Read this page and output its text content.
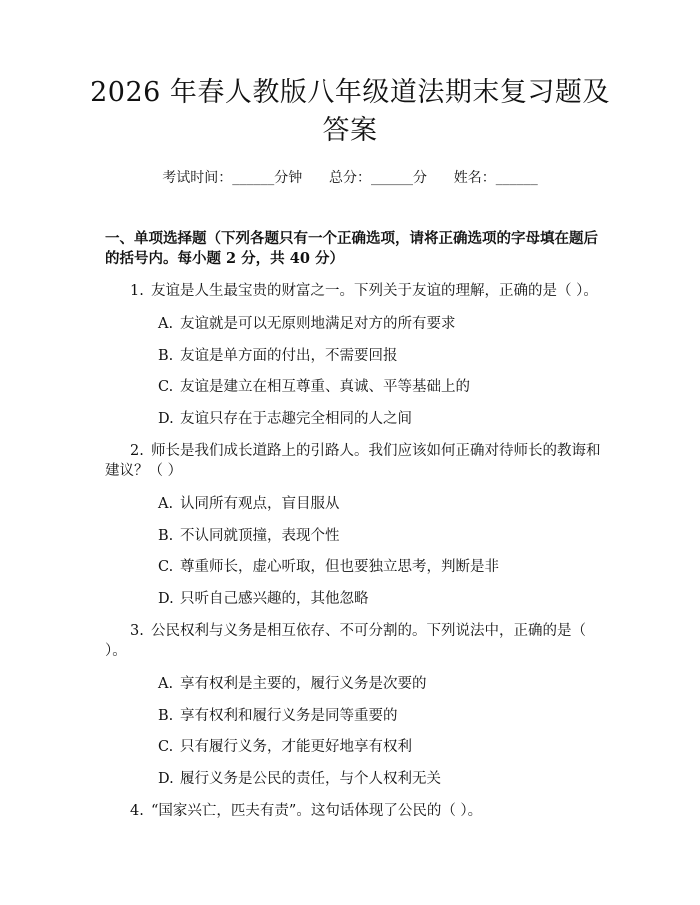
2026 年春人教版八年级道法期末复习题及答案
考试时间：______分钟      总分：______分      姓名：______
一、单项选择题（下列各题只有一个正确选项，请将正确选项的字母填在题后的括号内。每小题 2 分，共 40 分）
1. 友谊是人生最宝贵的财富之一。下列关于友谊的理解，正确的是（ ）。
A. 友谊就是可以无原则地满足对方的所有要求
B. 友谊是单方面的付出，不需要回报
C. 友谊是建立在相互尊重、真诚、平等基础上的
D. 友谊只存在于志趣完全相同的人之间
2. 师长是我们成长道路上的引路人。我们应该如何正确对待师长的教诲和建议？（ ）
A. 认同所有观点，盲目服从
B. 不认同就顶撞，表现个性
C. 尊重师长，虚心听取，但也要独立思考，判断是非
D. 只听自己感兴趣的，其他忽略
3. 公民权利与义务是相互依存、不可分割的。下列说法中，正确的是（ ）。
A. 享有权利是主要的，履行义务是次要的
B. 享有权利和履行义务是同等重要的
C. 只有履行义务，才能更好地享有权利
D. 履行义务是公民的责任，与个人权利无关
4. “国家兴亡，匹夫有责”。这句话体现了公民的（ ）。
